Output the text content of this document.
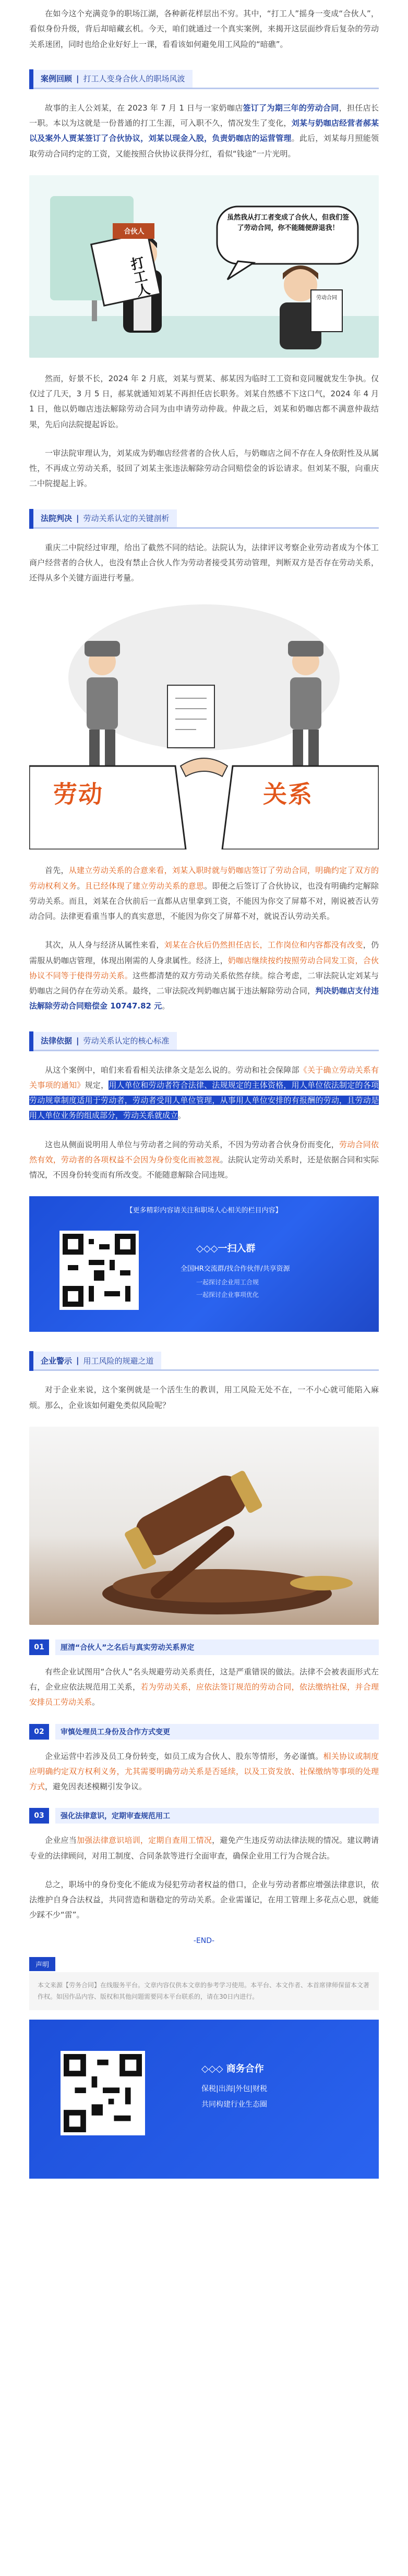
在如今这个充满竞争的职场江湖，各种新花样层出不穷。其中，“打工人”摇身一变成“合伙人”，看似身份升级，背后却暗藏玄机。今天，咱们就通过一个真实案例，来揭开这层面纱背后复杂的劳动关系迷团，同时也给企业好好上一课，看看该如何避免用工风险的“暗礁”。

案例回顾 | 打工人变身合伙人的职场风波

故事的主人公刘某，在 2023 年 7 月 1 日与一家奶咖店签订了为期三年的劳动合同，担任店长一职。本以为这就是一份普通的打工生涯，可入职不久，情况发生了变化，刘某与奶咖店经营者郝某以及案外人贾某签订了合伙协议，刘某以现金入股，负责奶咖店的运营管理。此后，刘某每月照能领取劳动合同约定的工资，又能按照合伙协议获得分红，看似“钱途”一片光明。

虽然我从打工者变成了合伙人，但我们签了劳动合同，你不能随便辞退我！
合伙人
打工人	劳动合同

然而，好景不长，2024 年 2 月底，刘某与贾某、郝某因为临时工工资和竞同履就发生争执。仅仅过了几天，3 月 5 日，郝某就通知刘某不再担任店长职务。刘某自然感不下这口气，2024 年 4 月 1 日，他以奶咖店违法解除劳动合同为由申请劳动仲裁。仲裁之后，刘某和奶咖店都不满意仲裁结果，先后向法院提起诉讼。

一审法院审理认为，刘某成为奶咖店经营者的合伙人后，与奶咖店之间不存在人身依附性及从属性，不再成立劳动关系，驳回了刘某主张违法解除劳动合同赔偿金的诉讼请求。但刘某不服，向重庆二中院提起上诉。

法院判决 | 劳动关系认定的关键剖析

重庆二中院经过审理，给出了截然不同的结论。法院认为，法律评议考察企业劳动者成为个体工商户经营者的合伙人，也没有禁止合伙人作为劳动者接受其劳动管理，判断双方是否存在劳动关系，还得从多个关键方面进行考量。

劳动	关系

首先，从建立劳动关系的合意来看，刘某入职时就与奶咖店签订了劳动合同，明确约定了双方的劳动权利义务。且已经体现了建立劳动关系的意思。即便之后签订了合伙协议，也没有明确约定解除劳动关系。而且，刘某在合伙前后一直都从店里拿到工资，不能因为你交了屏幕不对，刚说被否认劳动合同。法律更看重当事人的真实意思，不能因为你交了屏幕不对，就说否认劳动关系。

其次，从人身与经济从属性来看，刘某在合伙后仍然担任店长，工作岗位和内容都没有改变，仍需服从奶咖店管理，体现出刚需的人身隶属性。经济上，奶咖店继续按约按照劳动合同发工资，合伙协议不同等于使得劳动关系。这些都清楚的双方劳动关系依然存续。综合考虑，二审法院认定刘某与奶咖店之间仍存在劳动关系。最终，二审法院改判奶咖店属于违法解除劳动合同，判决奶咖店支付违法解除劳动合同赔偿金 10747.82 元。

法律依据 | 劳动关系认定的核心标准

从这个案例中，咱们来看看相关法律条文是怎么说的。劳动和社会保障部《关于确立劳动关系有关事项的通知》规定，用人单位和劳动者符合法律、法规规定的主体资格，用人单位依法制定的各项劳动规章制度适用于劳动者，劳动者受用人单位管理，从事用人单位安排的有报酬的劳动，且劳动是用人单位业务的组成部分，劳动关系就成立。

这也从侧面说明用人单位与劳动者之间的劳动关系，不因为劳动者合伙身份而变化，劳动合同依然有效，劳动者的各项权益不会因为身份变化而被忽视。法院认定劳动关系时，还是依据合同和实际情况，不因身份转变而有所改变。不能随意解除合同违规。

【更多精彩内容请关注和职场人心相关的栏目内容】
◇◇◇一扫入群
全国HR交流群/找合作伙伴/共享资源
一起探讨企业用工合规
一起探讨企业事项优化
企业警示 | 用工风险的规避之道

对于企业来说，这个案例就是一个活生生的教训，用工风险无处不在，一不小心就可能陷入麻烦。那么，企业该如何避免类似风险呢？

01	厘清“合伙人”之名后与真实劳动关系界定

有些企业试图用“合伙人”名头规避劳动关系责任，这是严重错误的做法。法律不会被表面形式左右，企业应依法规范用工关系，若为劳动关系，应依法签订规范的劳动合同，依法缴纳社保，并合理安排员工劳动关系。

02	审慎处理员工身份及合作方式变更

企业运营中若涉及员工身份转变，如员工成为合伙人、股东等情形，务必谨慎。相关协议或制度应明确约定双方权利义务，尤其需要明确劳动关系是否延续，以及工资发放、社保缴纳等事项的处理方式，避免因表述模糊引发争议。

03	强化法律意识，定期审查规范用工

企业应当加强法律意识培训，定期自查用工情况，避免产生违反劳动法律法规的情况。建议聘请专业的法律顾问，对用工制度、合同条款等进行全面审查，确保企业用工行为合规合法。

总之，职场中的身份变化不能成为侵犯劳动者权益的借口，企业与劳动者都应增强法律意识，依法维护自身合法权益，共同营造和谐稳定的劳动关系。企业需谨记，在用工管理上多花点心思，就能少踩不少“雷”。

-END-
声明
本文来源【劳务合同】在线服务平台。文章内容仅供本文章的参考学习使用。本平台、本文作者、本首席律师保留本文著作权。如因作品内容、版权和其他问题需要同本平台联系的，请在30日内进行。
◇◇◇ 商务合作
保税|出海|外包|财税
共同构建行业生态圈
